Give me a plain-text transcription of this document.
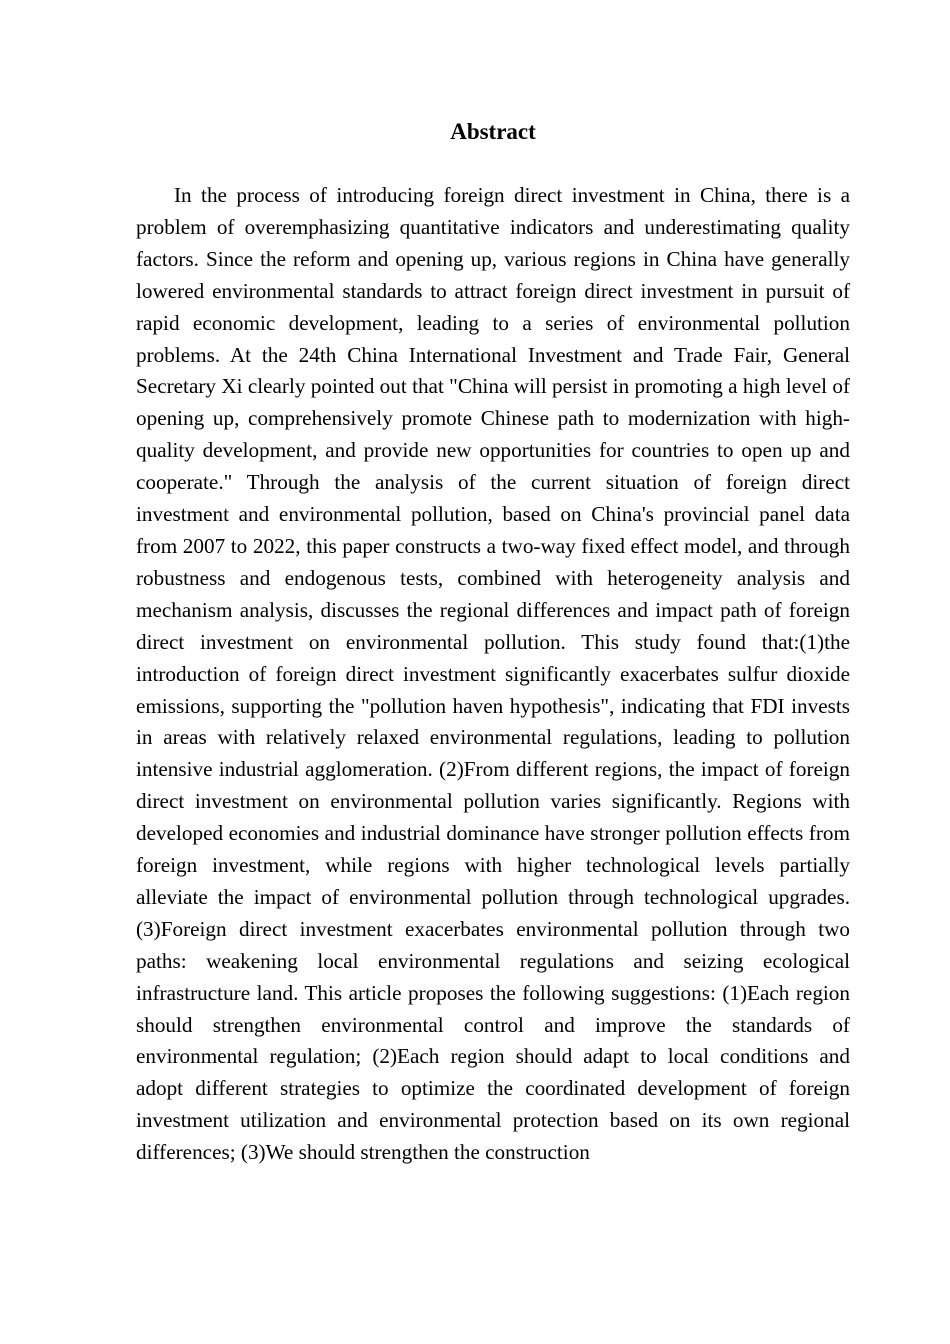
Abstract

In the process of introducing foreign direct investment in China, there is a problem of overemphasizing quantitative indicators and underestimating quality factors. Since the reform and opening up, various regions in China have generally lowered environmental standards to attract foreign direct investment in pursuit of rapid economic development, leading to a series of environmental pollution problems. At the 24th China International Investment and Trade Fair, General Secretary Xi clearly pointed out that "China will persist in promoting a high level of opening up, comprehensively promote Chinese path to modernization with high-quality development, and provide new opportunities for countries to open up and cooperate." Through the analysis of the current situation of foreign direct investment and environmental pollution, based on China's provincial panel data from 2007 to 2022, this paper constructs a two-way fixed effect model, and through robustness and endogenous tests, combined with heterogeneity analysis and mechanism analysis, discusses the regional differences and impact path of foreign direct investment on environmental pollution. This study found that:(1)the introduction of foreign direct investment significantly exacerbates sulfur dioxide emissions, supporting the "pollution haven hypothesis", indicating that FDI invests in areas with relatively relaxed environmental regulations, leading to pollution intensive industrial agglomeration. (2)From different regions, the impact of foreign direct investment on environmental pollution varies significantly. Regions with developed economies and industrial dominance have stronger pollution effects from foreign investment, while regions with higher technological levels partially alleviate the impact of environmental pollution through technological upgrades. (3)Foreign direct investment exacerbates environmental pollution through two paths: weakening local environmental regulations and seizing ecological infrastructure land. This article proposes the following suggestions: (1)Each region should strengthen environmental control and improve the standards of environmental regulation; (2)Each region should adapt to local conditions and adopt different strategies to optimize the coordinated development of foreign investment utilization and environmental protection based on its own regional differences; (3)We should strengthen the construction
